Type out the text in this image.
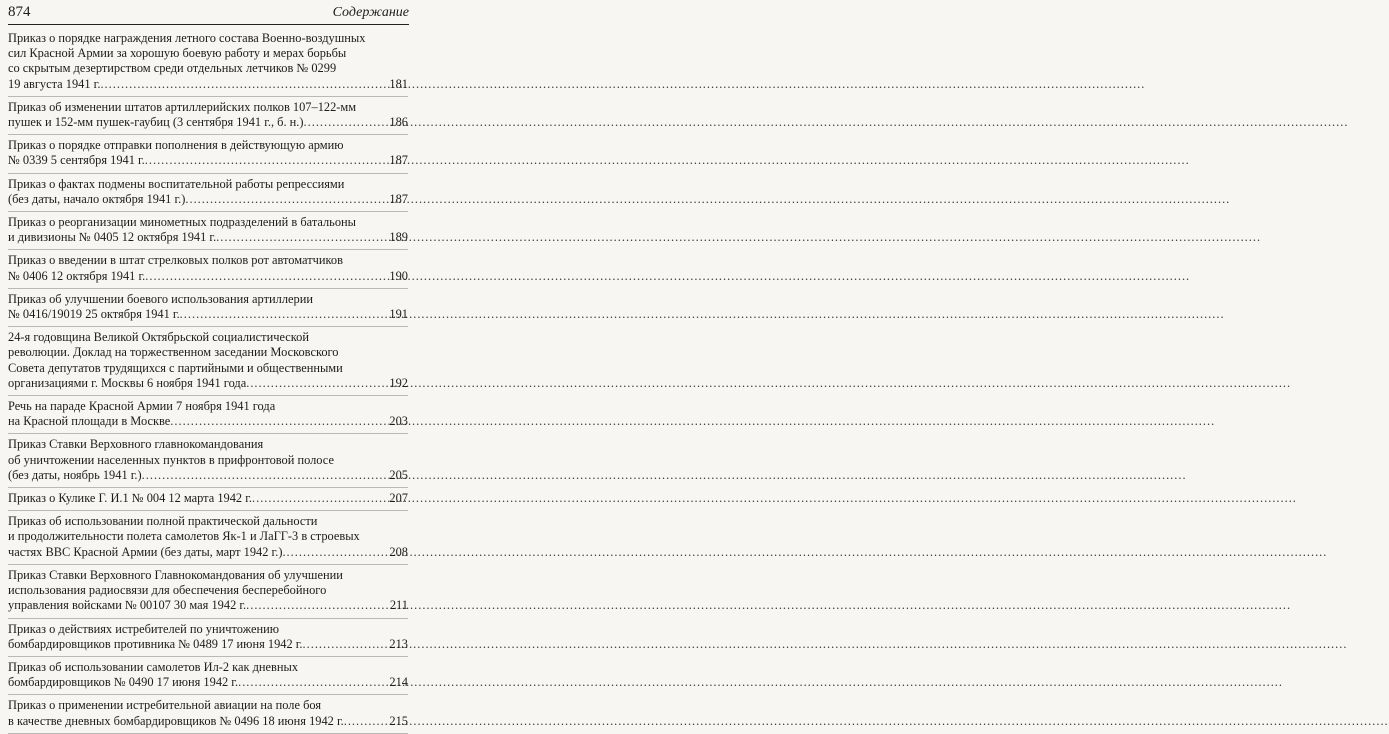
874	Содержание
Приказ о порядке награждения летного состава Военно-воздушных
сил Красной Армии за хорошую боевую работу и мерах борьбы
со скрытым дезертирством среди отдельных летчиков № 0299
19 августа 1941 г. .....	181
Приказ об изменении штатов артиллерийских полков 107–122-мм
пушек и 152-мм пушек-гаубиц (3 сентября 1941 г., б. н.) .....	186
Приказ о порядке отправки пополнения в действующую армию
№ 0339 5 сентября 1941 г. .....	187
Приказ о фактах подмены воспитательной работы репрессиями
(без даты, начало октября 1941 г.) .....	187
Приказ о реорганизации минометных подразделений в батальоны
и дивизионы № 0405 12 октября 1941 г. .....	189
Приказ о введении в штат стрелковых полков рот автоматчиков
№ 0406 12 октября 1941 г. .....	190
Приказ об улучшении боевого использования артиллерии
№ 0416/19019 25 октября 1941 г. .....	191
24-я годовщина Великой Октябрьской социалистической
революции. Доклад на торжественном заседании Московского
Совета депутатов трудящихся с партийными и общественными
организациями г. Москвы 6 ноября 1941 года .....	192
Речь на параде Красной Армии 7 ноября 1941 года
на Красной площади в Москве .....	203
Приказ Ставки Верховного главнокомандования
об уничтожении населенных пунктов в прифронтовой полосе
(без даты, ноябрь 1941 г.) .....	205
Приказ о Кулике Г. И.1 № 004 12 марта 1942 г. .....	207
Приказ об использовании полной практической дальности
и продолжительности полета самолетов Як-1 и ЛаГГ-3 в строевых
частях ВВС Красной Армии (без даты, март 1942 г.) .....	208
Приказ Ставки Верховного Главнокомандования об улучшении
использования радиосвязи для обеспечения бесперебойного
управления войсками № 00107 30 мая 1942 г. .....	211
Приказ о действиях истребителей по уничтожению
бомбардировщиков противника № 0489 17 июня 1942 г. .....	213
Приказ об использовании самолетов Ил-2 как дневных
бомбардировщиков № 0490 17 июня 1942 г. .....	214
Приказ о применении истребительной авиации на поле боя
в качестве дневных бомбардировщиков № 0496 18 июня 1942 г. .....	215
